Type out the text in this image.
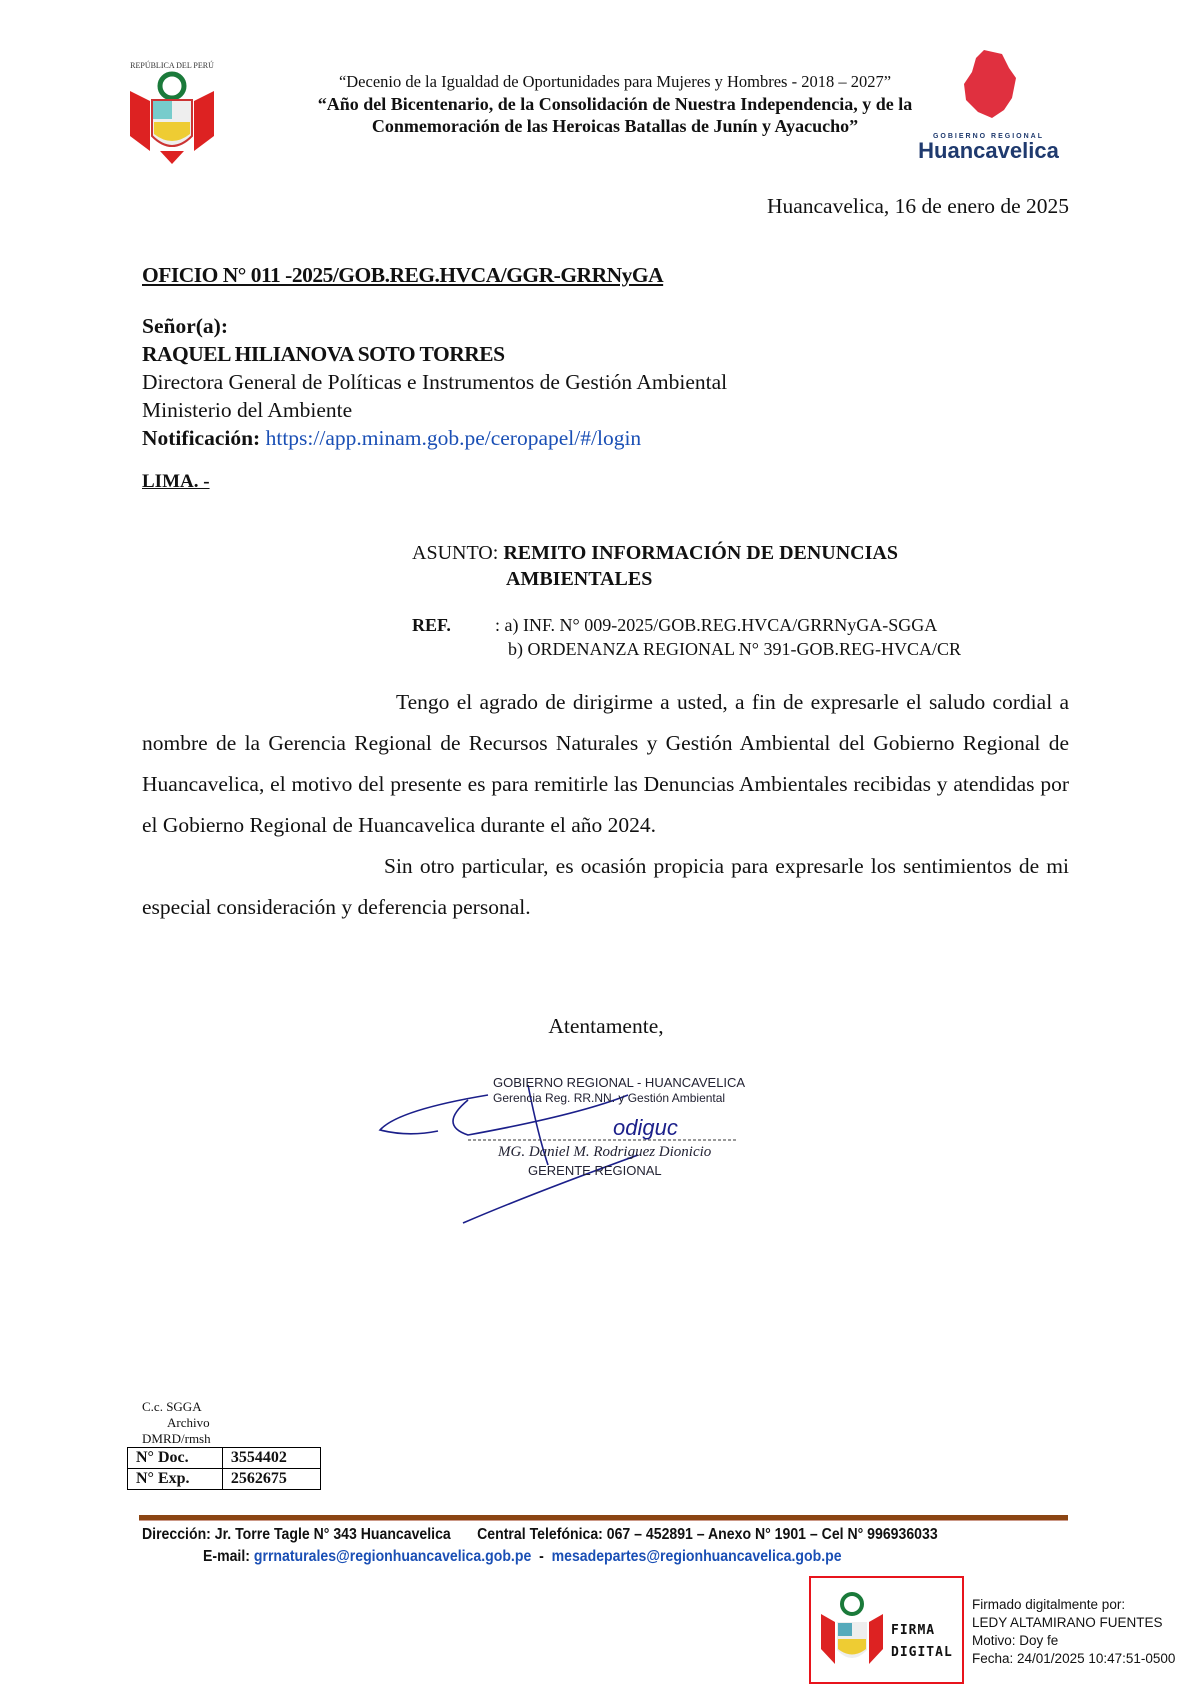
REPÚBLICA DEL PERÚ
“Decenio de la Igualdad de Oportunidades para Mujeres y Hombres - 2018 – 2027”
“Año del Bicentenario, de la Consolidación de Nuestra Independencia, y de la
Conmemoración de las Heroicas Batallas de Junín y Ayacucho”
GOBIERNO REGIONAL
Huancavelica
Huancavelica, 16 de enero de 2025
OFICIO N° 011 -2025/GOB.REG.HVCA/GGR-GRRNyGA
Señor(a):
RAQUEL HILIANOVA SOTO TORRES
Directora General de Políticas e Instrumentos de Gestión Ambiental
Ministerio del Ambiente
Notificación: https://app.minam.gob.pe/ceropapel/#/login
LIMA. -
ASUNTO: REMITO INFORMACIÓN DE DENUNCIAS
AMBIENTALES
REF. : a) INF. N° 009-2025/GOB.REG.HVCA/GRRNyGA-SGGA
b) ORDENANZA REGIONAL N° 391-GOB.REG-HVCA/CR

Tengo el agrado de dirigirme a usted, a fin de expresarle el saludo cordial a nombre de la Gerencia Regional de Recursos Naturales y Gestión Ambiental del Gobierno Regional de Huancavelica, el motivo del presente es para remitirle las Denuncias Ambientales recibidas y atendidas por el Gobierno Regional de Huancavelica durante el año 2024.

Sin otro particular, es ocasión propicia para expresarle los sentimientos de mi especial consideración y deferencia personal.

Atentamente,
odiguc
GOBIERNO REGIONAL - HUANCAVELICA
Gerencia Reg. RR.NN. y Gestión Ambiental
MG. Daniel M. Rodriguez Dionicio
GERENTE REGIONAL
C.c. SGGA
Archivo
DMRD/rmsh
N° Doc.	3554402
N° Exp.	2562675
Dirección: Jr. Torre Tagle N° 343 Huancavelica Central Telefónica: 067 – 452891 – Anexo N° 1901 – Cel N° 996936033
E-mail: grrnaturales@regionhuancavelica.gob.pe - mesadepartes@regionhuancavelica.gob.pe
FIRMA DIGITAL
Firmado digitalmente por:
LEDY ALTAMIRANO FUENTES
Motivo: Doy fe
Fecha: 24/01/2025 10:47:51-0500
